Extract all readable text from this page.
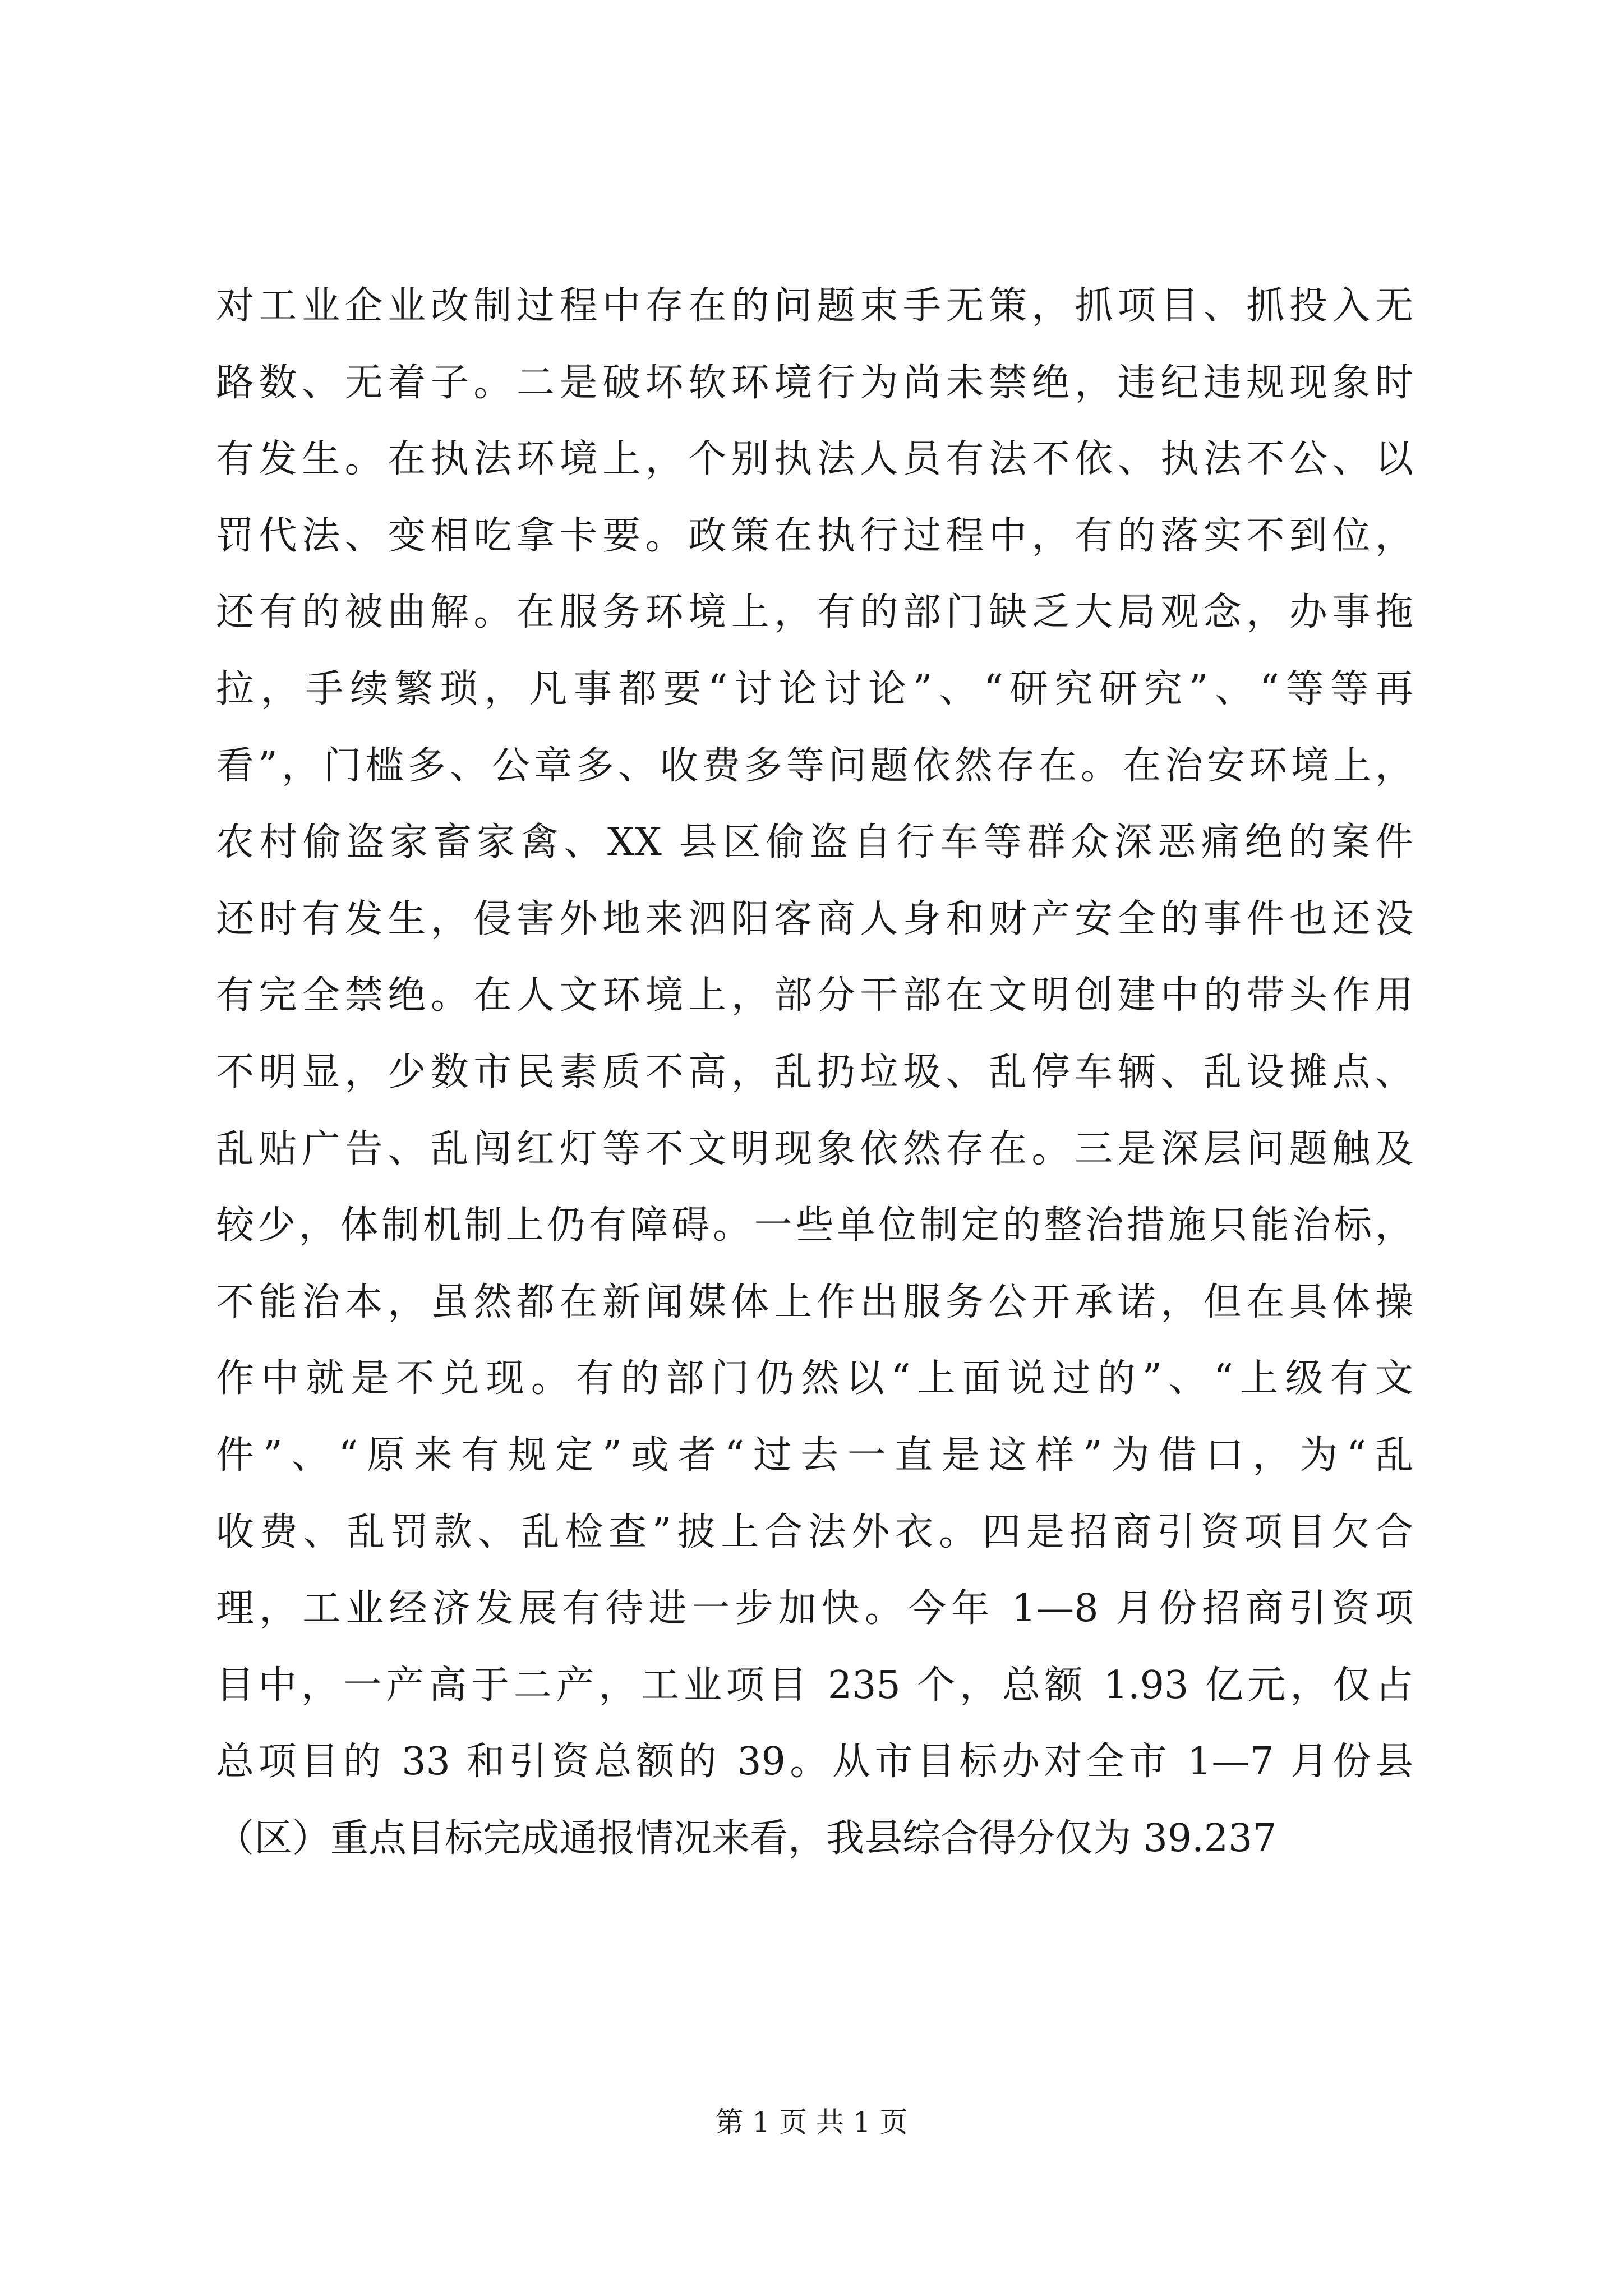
对工业企业改制过程中存在的问题束手无策，抓项目、抓投入无
路数、无着子。二是破坏软环境行为尚未禁绝，违纪违规现象时
有发生。在执法环境上，个别执法人员有法不依、执法不公、以
罚代法、变相吃拿卡要。政策在执行过程中，有的落实不到位，
还有的被曲解。在服务环境上，有的部门缺乏大局观念，办事拖
拉，手续繁琐，凡事都要“讨论讨论”、“研究研究”、“等等再
看”，门槛多、公章多、收费多等问题依然存在。在治安环境上，
农村偷盗家畜家禽、XX 县区偷盗自行车等群众深恶痛绝的案件
还时有发生，侵害外地来泗阳客商人身和财产安全的事件也还没
有完全禁绝。在人文环境上，部分干部在文明创建中的带头作用
不明显，少数市民素质不高，乱扔垃圾、乱停车辆、乱设摊点、
乱贴广告、乱闯红灯等不文明现象依然存在。三是深层问题触及
较少，体制机制上仍有障碍。一些单位制定的整治措施只能治标，
不能治本，虽然都在新闻媒体上作出服务公开承诺，但在具体操
作中就是不兑现。有的部门仍然以“上面说过的”、“上级有文
件”、“原来有规定”或者“过去一直是这样”为借口，为“乱
收费、乱罚款、乱检查”披上合法外衣。四是招商引资项目欠合
理，工业经济发展有待进一步加快。今年 1—8 月份招商引资项
目中，一产高于二产，工业项目 235 个，总额 1.93 亿元，仅占
总项目的 33 和引资总额的 39。从市目标办对全市 1—7 月份县
（区）重点目标完成通报情况来看，我县综合得分仅为 39.237
第 1 页 共 1 页
